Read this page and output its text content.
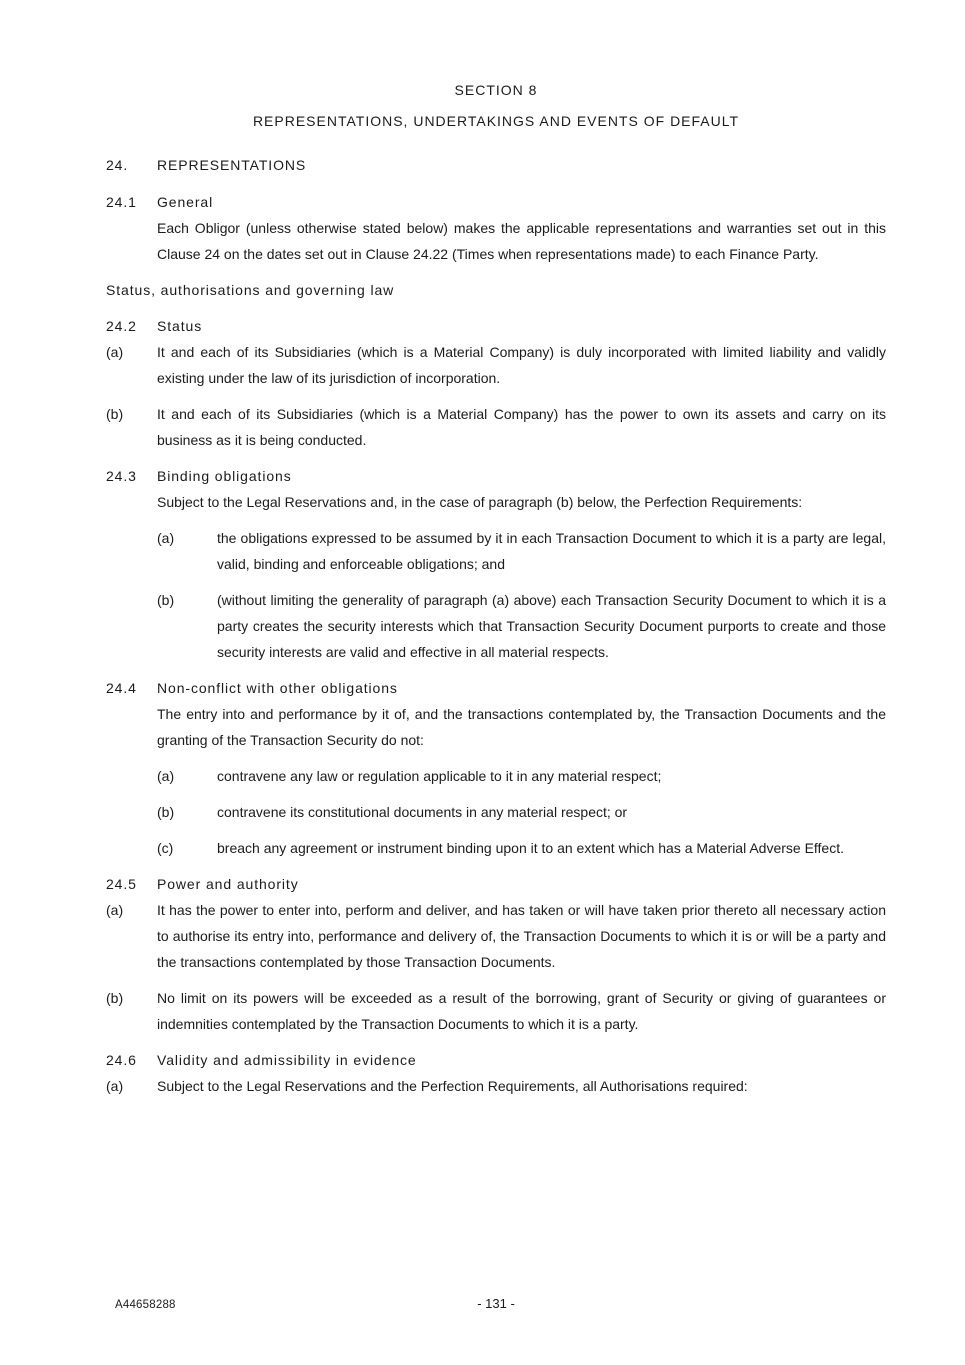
SECTION 8
REPRESENTATIONS, UNDERTAKINGS AND EVENTS OF DEFAULT
24. REPRESENTATIONS
24.1 General
Each Obligor (unless otherwise stated below) makes the applicable representations and warranties set out in this Clause 24 on the dates set out in Clause 24.22 (Times when representations made) to each Finance Party.
Status, authorisations and governing law
24.2 Status
(a) It and each of its Subsidiaries (which is a Material Company) is duly incorporated with limited liability and validly existing under the law of its jurisdiction of incorporation.
(b) It and each of its Subsidiaries (which is a Material Company) has the power to own its assets and carry on its business as it is being conducted.
24.3 Binding obligations
Subject to the Legal Reservations and, in the case of paragraph (b) below, the Perfection Requirements:
(a)	the obligations expressed to be assumed by it in each Transaction Document to which it is a party are legal, valid, binding and enforceable obligations; and
(b)	(without limiting the generality of paragraph (a) above) each Transaction Security Document to which it is a party creates the security interests which that Transaction Security Document purports to create and those security interests are valid and effective in all material respects.
24.4 Non-conflict with other obligations
The entry into and performance by it of, and the transactions contemplated by, the Transaction Documents and the granting of the Transaction Security do not:
(a)	contravene any law or regulation applicable to it in any material respect;
(b)	contravene its constitutional documents in any material respect; or
(c)	breach any agreement or instrument binding upon it to an extent which has a Material Adverse Effect.
24.5 Power and authority
(a) It has the power to enter into, perform and deliver, and has taken or will have taken prior thereto all necessary action to authorise its entry into, performance and delivery of, the Transaction Documents to which it is or will be a party and the transactions contemplated by those Transaction Documents.
(b) No limit on its powers will be exceeded as a result of the borrowing, grant of Security or giving of guarantees or indemnities contemplated by the Transaction Documents to which it is a party.
24.6 Validity and admissibility in evidence
(a) Subject to the Legal Reservations and the Perfection Requirements, all Authorisations required:
A44658288	- 131 -
